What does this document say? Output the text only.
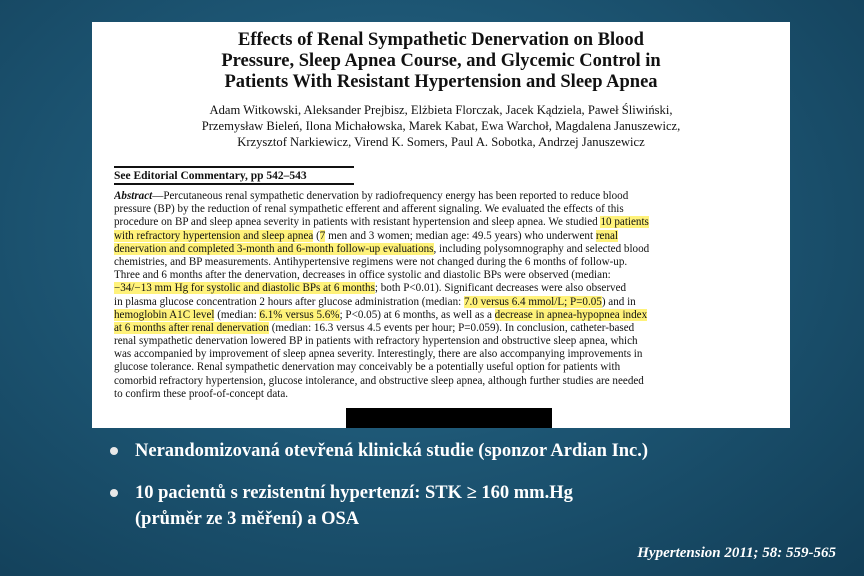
Effects of Renal Sympathetic Denervation on Blood
Pressure, Sleep Apnea Course, and Glycemic Control in
Patients With Resistant Hypertension and Sleep Apnea
Adam Witkowski, Aleksander Prejbisz, Elżbieta Florczak, Jacek Kądziela, Paweł Śliwiński,
Przemysław Bieleń, Ilona Michałowska, Marek Kabat, Ewa Warchoł, Magdalena Januszewicz,
Krzysztof Narkiewicz, Virend K. Somers, Paul A. Sobotka, Andrzej Januszewicz
See Editorial Commentary, pp 542–543
Abstract—Percutaneous renal sympathetic denervation by radiofrequency energy has been reported to reduce blood
pressure (BP) by the reduction of renal sympathetic efferent and afferent signaling. We evaluated the effects of this
procedure on BP and sleep apnea severity in patients with resistant hypertension and sleep apnea. We studied 10 patients
with refractory hypertension and sleep apnea (7 men and 3 women; median age: 49.5 years) who underwent renal
denervation and completed 3-month and 6-month follow-up evaluations, including polysomnography and selected blood
chemistries, and BP measurements. Antihypertensive regimens were not changed during the 6 months of follow-up.
Three and 6 months after the denervation, decreases in office systolic and diastolic BPs were observed (median:
−34/−13 mm Hg for systolic and diastolic BPs at 6 months; both P<0.01). Significant decreases were also observed
in plasma glucose concentration 2 hours after glucose administration (median: 7.0 versus 6.4 mmol/L; P=0.05) and in
hemoglobin A1C level (median: 6.1% versus 5.6%; P<0.05) at 6 months, as well as a decrease in apnea-hypopnea index
at 6 months after renal denervation (median: 16.3 versus 4.5 events per hour; P=0.059). In conclusion, catheter-based
renal sympathetic denervation lowered BP in patients with refractory hypertension and obstructive sleep apnea, which
was accompanied by improvement of sleep apnea severity. Interestingly, there are also accompanying improvements in
glucose tolerance. Renal sympathetic denervation may conceivably be a potentially useful option for patients with
comorbid refractory hypertension, glucose intolerance, and obstructive sleep apnea, although further studies are needed
to confirm these proof-of-concept data.
Nerandomizovaná otevřená klinická studie (sponzor Ardian Inc.)
10 pacientů s rezistentní hypertenzí: STK ≥ 160 mm.Hg
(průměr ze 3 měření) a OSA
Hypertension 2011; 58: 559-565
